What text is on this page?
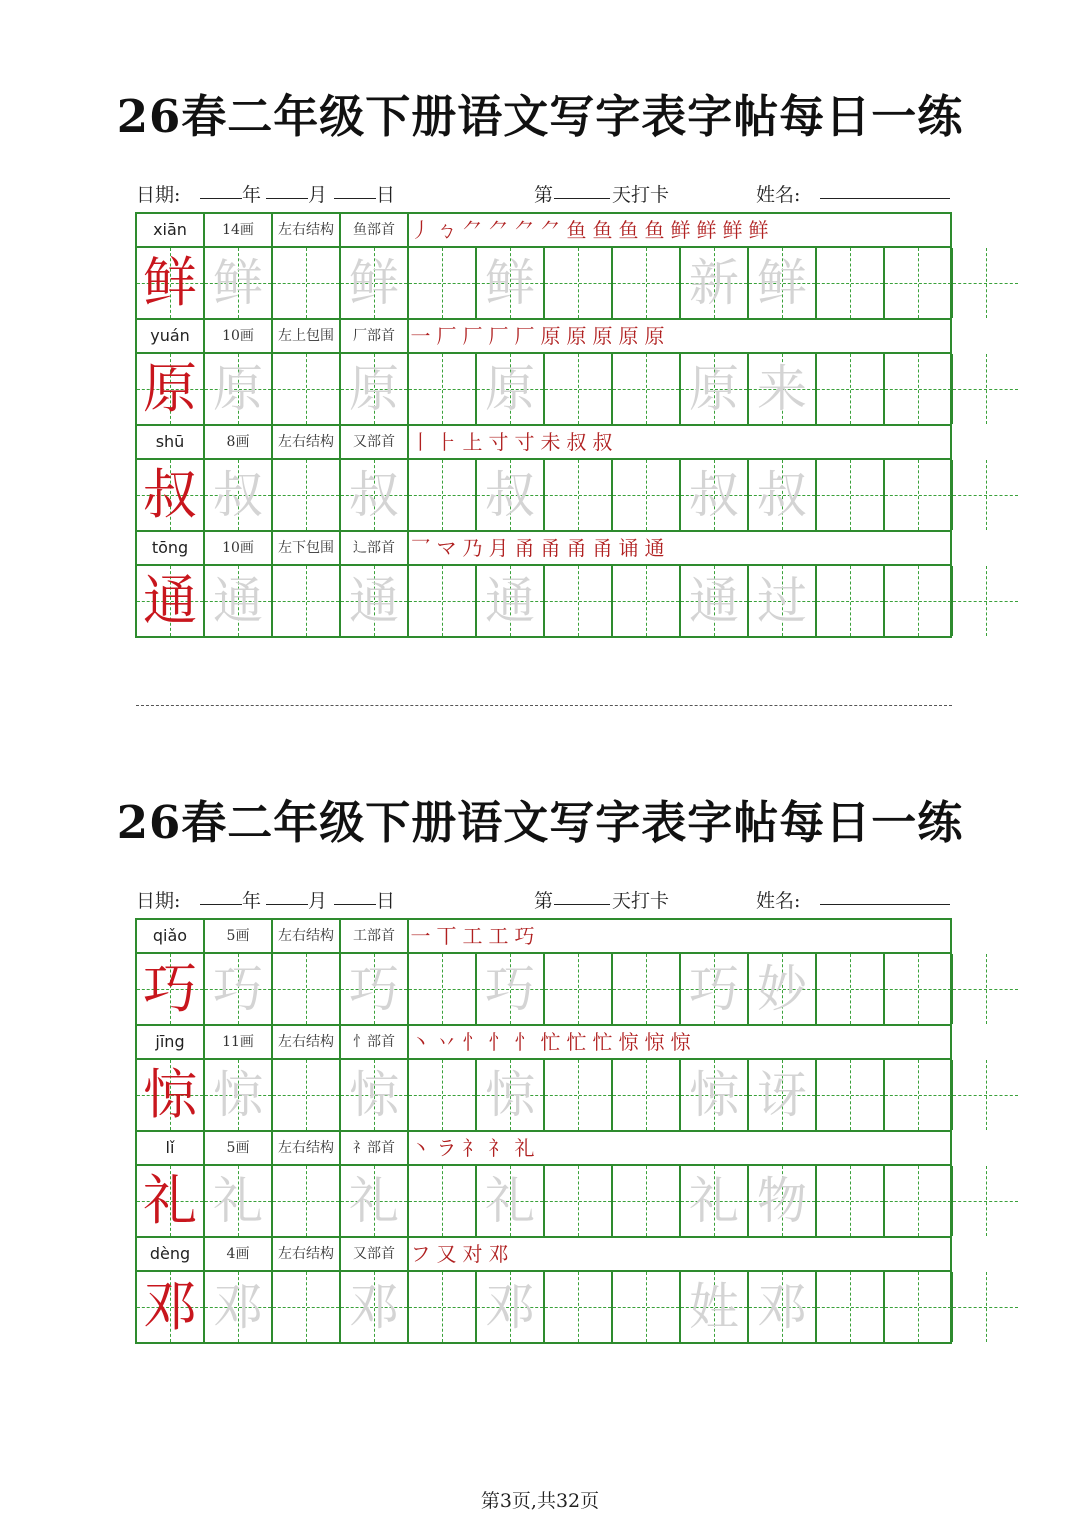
26春二年级下册语文写字表字帖每日一练
日期:	年 月	日	第	天打卡	姓名:
xiān	14画	左右结构	鱼部首 丿 ㄅ ⺈ ⺈ ⺈ ⺈ 鱼 鱼 鱼 鱼 鲜 鲜 鲜 鲜
鲜 鲜 鲜 鲜	新 鲜
yuán	10画	左上包围	厂部首 一 厂 厂 厂 厂 原 原 原 原 原
原 原 原 原	原 来
shū	8画	左右结构	又部首 丨 ⺊ 上 寸 寸 未 叔 叔
叔 叔 叔 叔	叔 叔
tōng	10画	左下包围	辶部首 乛 マ 乃 月 甬 甬 甬 甬 诵 通
通 通 通 通	通 过
26春二年级下册语文写字表字帖每日一练
日期:	年 月	日	第	天打卡	姓名:
qiǎo	5画	左右结构	工部首 一 丅 工 工 巧
巧 巧 巧 巧	巧 妙
jīng	11画	左右结构	忄部首 丶 丷 忄 忄 忄 忙 忙 忙 惊 惊 惊
惊 惊 惊 惊	惊 讶
lǐ	5画	左右结构	礻部首 丶 ラ 礻 礻 礼
礼 礼 礼 礼	礼 物
dèng	4画	左右结构	又部首 フ 又 对 邓
邓 邓 邓 邓	姓 邓
第3页,共32页
